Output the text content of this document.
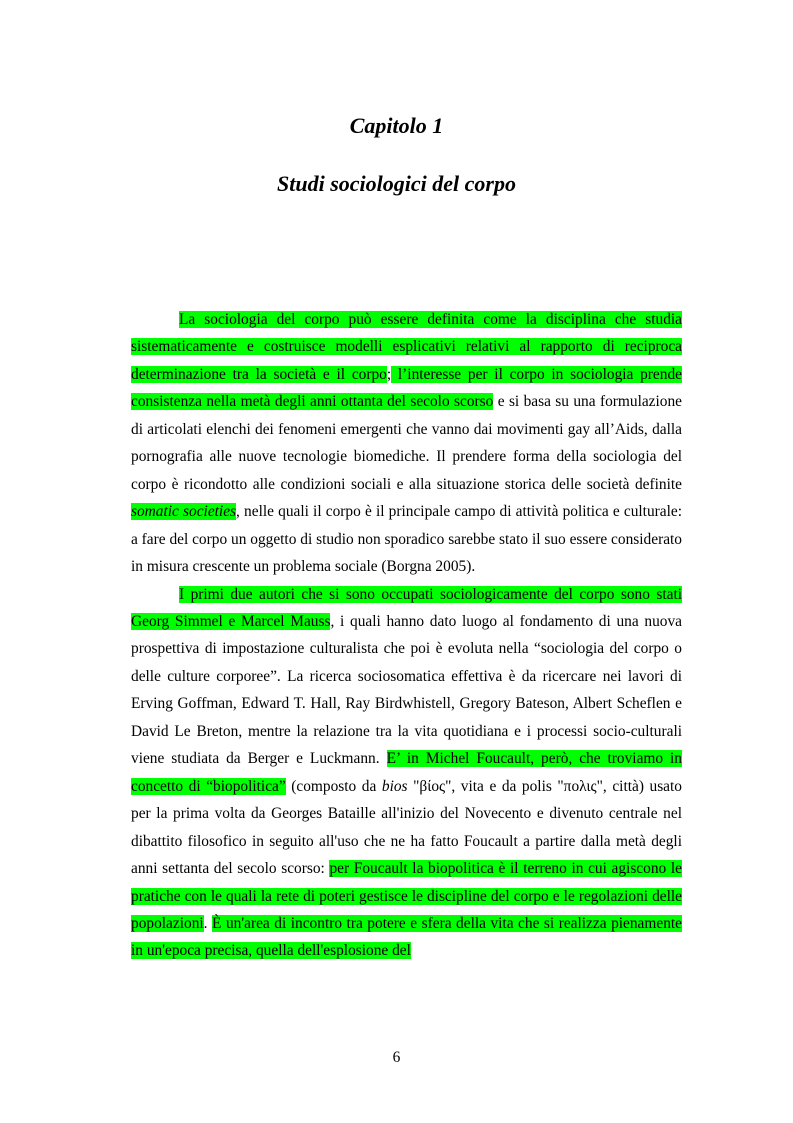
Capitolo 1
Studi sociologici del corpo

La sociologia del corpo può essere definita come la disciplina che studia sistematicamente e costruisce modelli esplicativi relativi al rapporto di reciproca determinazione tra la società e il corpo; l’interesse per il corpo in sociologia prende consistenza nella metà degli anni ottanta del secolo scorso e si basa su una formulazione di articolati elenchi dei fenomeni emergenti che vanno dai movimenti gay all’Aids, dalla pornografia alle nuove tecnologie biomediche. Il prendere forma della sociologia del corpo è ricondotto alle condizioni sociali e alla situazione storica delle società definite somatic societies, nelle quali il corpo è il principale campo di attività politica e culturale: a fare del corpo un oggetto di studio non sporadico sarebbe stato il suo essere considerato in misura crescente un problema sociale (Borgna 2005).

I primi due autori che si sono occupati sociologicamente del corpo sono stati Georg Simmel e Marcel Mauss, i quali hanno dato luogo al fondamento di una nuova prospettiva di impostazione culturalista che poi è evoluta nella “sociologia del corpo o delle culture corporee”. La ricerca sociosomatica effettiva è da ricercare nei lavori di Erving Goffman, Edward T. Hall, Ray Birdwhistell, Gregory Bateson, Albert Scheflen e David Le Breton, mentre la relazione tra la vita quotidiana e i processi socio-culturali viene studiata da Berger e Luckmann. E’ in Michel Foucault, però, che troviamo in concetto di “biopolitica” (composto da bios "βίος", vita e da polis "πολις", città) usato per la prima volta da Georges Bataille all'inizio del Novecento e divenuto centrale nel dibattito filosofico in seguito all'uso che ne ha fatto Foucault a partire dalla metà degli anni settanta del secolo scorso: per Foucault la biopolitica è il terreno in cui agiscono le pratiche con le quali la rete di poteri gestisce le discipline del corpo e le regolazioni delle popolazioni. È un'area di incontro tra potere e sfera della vita che si realizza pienamente in un'epoca precisa, quella dell'esplosione del

6
